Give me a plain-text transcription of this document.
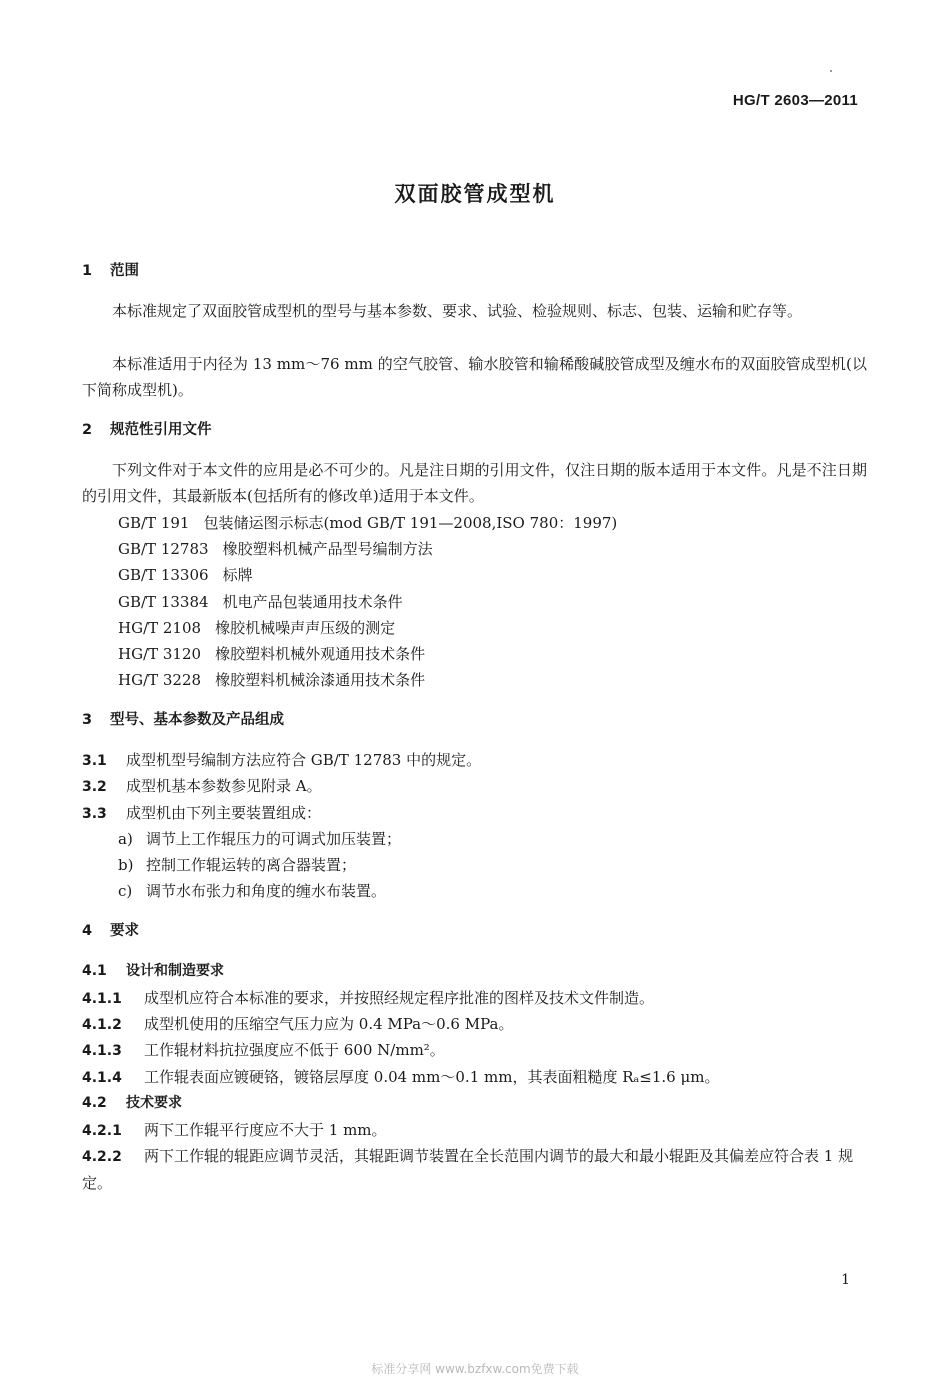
HG/T 2603—2011
双面胶管成型机
1 范围
本标准规定了双面胶管成型机的型号与基本参数、要求、试验、检验规则、标志、包装、运输和贮存等。
本标准适用于内径为 13 mm～76 mm 的空气胶管、输水胶管和输稀酸碱胶管成型及缠水布的双面胶管成型机(以下简称成型机)。
2 规范性引用文件
下列文件对于本文件的应用是必不可少的。凡是注日期的引用文件，仅注日期的版本适用于本文件。凡是不注日期的引用文件，其最新版本(包括所有的修改单)适用于本文件。
GB/T 191 包装储运图示标志(mod GB/T 191—2008,ISO 780：1997)
GB/T 12783 橡胶塑料机械产品型号编制方法
GB/T 13306 标牌
GB/T 13384 机电产品包装通用技术条件
HG/T 2108 橡胶机械噪声声压级的测定
HG/T 3120 橡胶塑料机械外观通用技术条件
HG/T 3228 橡胶塑料机械涂漆通用技术条件
3 型号、基本参数及产品组成
3.1 成型机型号编制方法应符合 GB/T 12783 中的规定。
3.2 成型机基本参数参见附录 A。
3.3 成型机由下列主要装置组成：
a) 调节上工作辊压力的可调式加压装置；
b) 控制工作辊运转的离合器装置；
c) 调节水布张力和角度的缠水布装置。
4 要求
4.1 设计和制造要求
4.1.1 成型机应符合本标准的要求，并按照经规定程序批准的图样及技术文件制造。
4.1.2 成型机使用的压缩空气压力应为 0.4 MPa～0.6 MPa。
4.1.3 工作辊材料抗拉强度应不低于 600 N/mm²。
4.1.4 工作辊表面应镀硬铬，镀铬层厚度 0.04 mm～0.1 mm，其表面粗糙度 Rₐ≤1.6 μm。
4.2 技术要求
4.2.1 两下工作辊平行度应不大于 1 mm。
4.2.2 两下工作辊的辊距应调节灵活，其辊距调节装置在全长范围内调节的最大和最小辊距及其偏差应符合表 1 规定。
1
标准分享网 www.bzfxw.com免费下载
